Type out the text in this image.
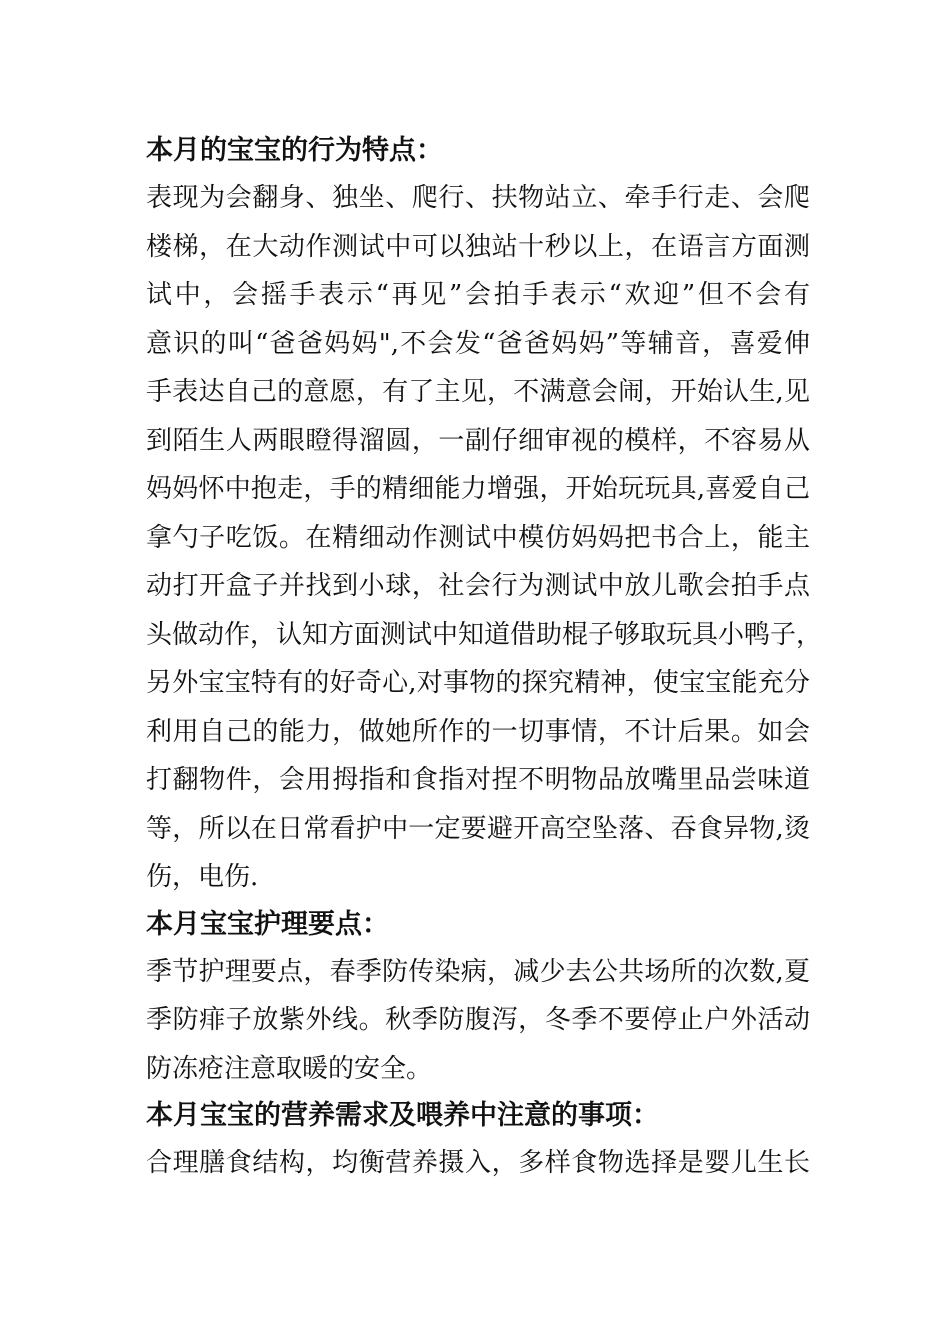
本月的宝宝的行为特点：

表现为会翻身、独坐、爬行、扶物站立、牵手行走、会爬
楼梯，在大动作测试中可以独站十秒以上，在语言方面测
试中，会摇手表示“再见”会拍手表示“欢迎”但不会有
意识的叫“爸爸妈妈",不会发“爸爸妈妈”等辅音，喜爱伸
手表达自己的意愿，有了主见，不满意会闹，开始认生,见
到陌生人两眼瞪得溜圆，一副仔细审视的模样，不容易从
妈妈怀中抱走，手的精细能力增强，开始玩玩具,喜爱自己
拿勺子吃饭。在精细动作测试中模仿妈妈把书合上，能主
动打开盒子并找到小球，社会行为测试中放儿歌会拍手点
头做动作，认知方面测试中知道借助棍子够取玩具小鸭子，
另外宝宝特有的好奇心,对事物的探究精神，使宝宝能充分
利用自己的能力，做她所作的一切事情，不计后果。如会
打翻物件，会用拇指和食指对捏不明物品放嘴里品尝味道
等，所以在日常看护中一定要避开高空坠落、吞食异物,烫
伤，电伤.

本月宝宝护理要点：

季节护理要点，春季防传染病，减少去公共场所的次数,夏
季防痱子放紫外线。秋季防腹泻，冬季不要停止户外活动
防冻疮注意取暖的安全。

本月宝宝的营养需求及喂养中注意的事项：

合理膳食结构，均衡营养摄入，多样食物选择是婴儿生长
